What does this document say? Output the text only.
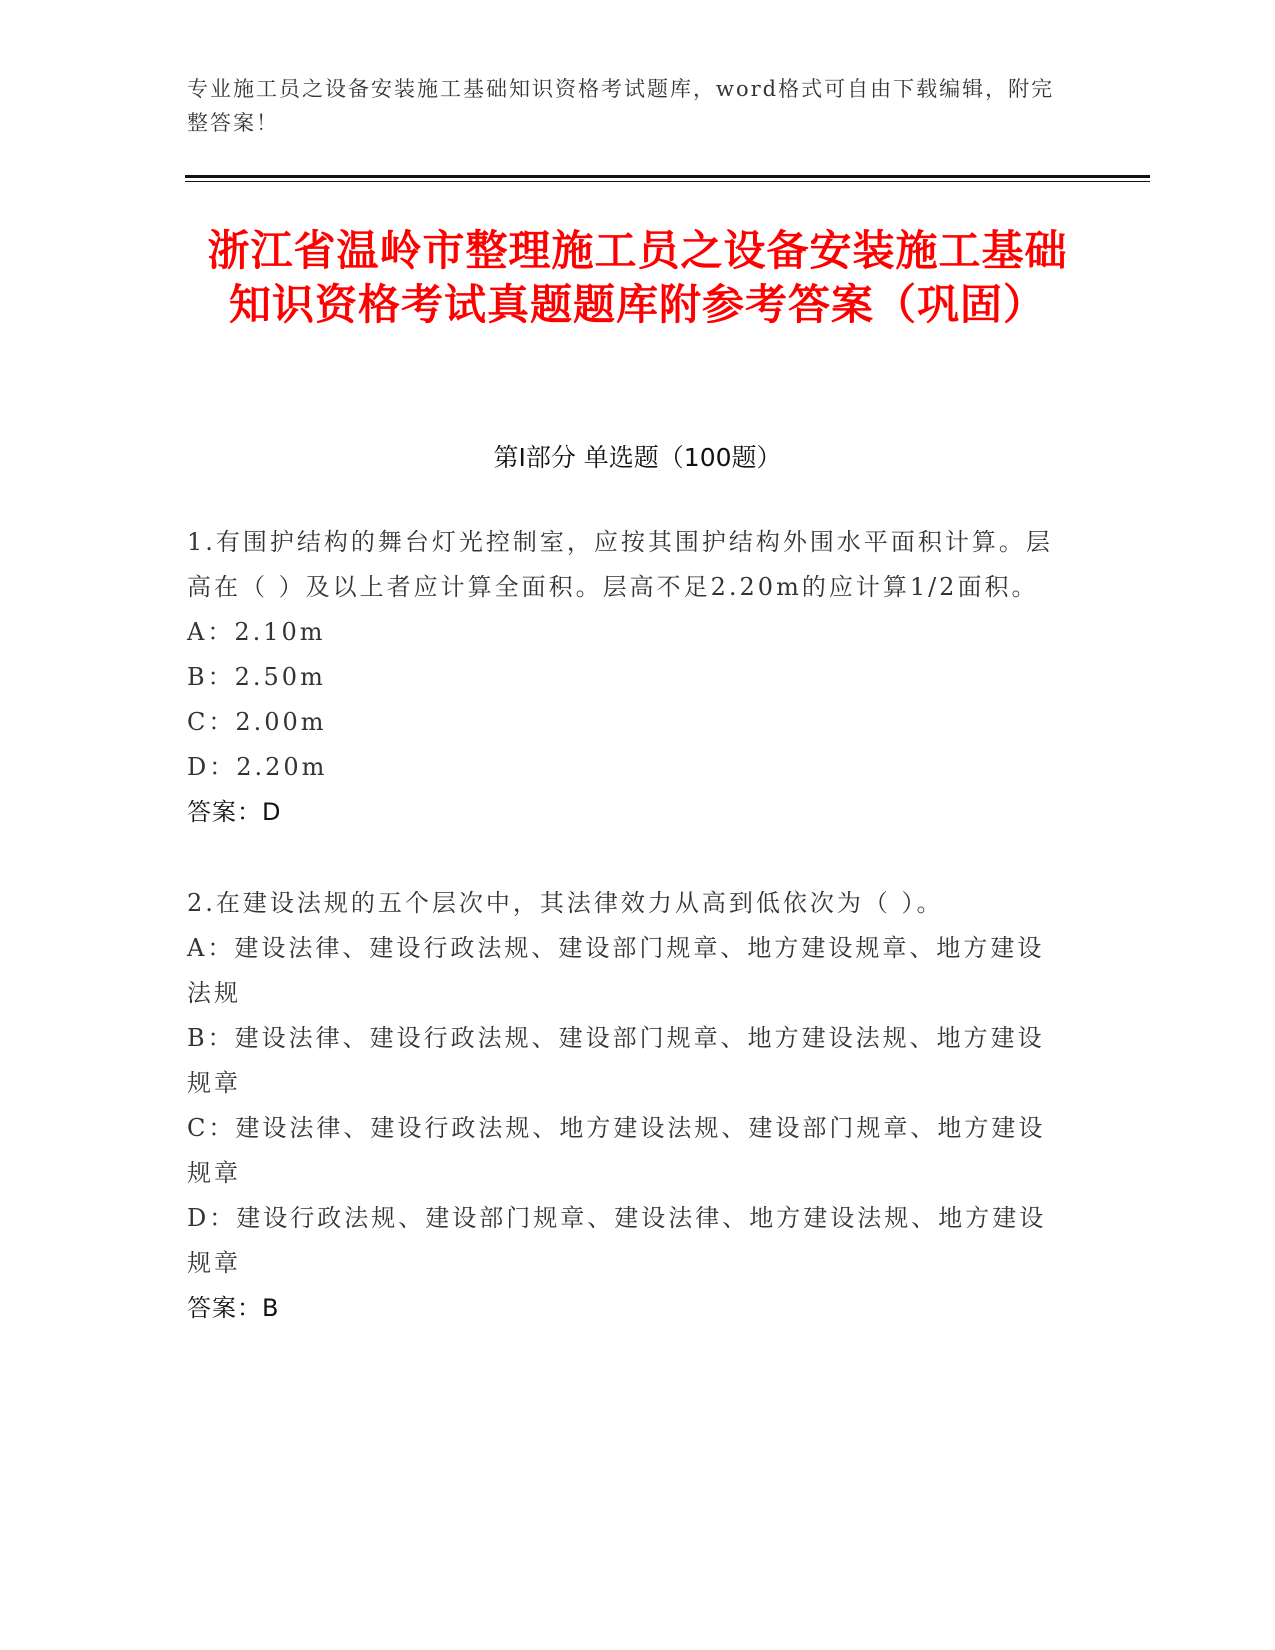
专业施工员之设备安装施工基础知识资格考试题库，word格式可自由下载编辑，附完整答案！
浙江省温岭市整理施工员之设备安装施工基础知识资格考试真题题库附参考答案（巩固）
第Ⅰ部分 单选题（100题）
1.有围护结构的舞台灯光控制室，应按其围护结构外围水平面积计算。层高在（ ）及以上者应计算全面积。层高不足2.20m的应计算1/2面积。
A：2.10m
B：2.50m
C：2.00m
D：2.20m
答案：D
2.在建设法规的五个层次中，其法律效力从高到低依次为（ ）。
A：建设法律、建设行政法规、建设部门规章、地方建设规章、地方建设法规
B：建设法律、建设行政法规、建设部门规章、地方建设法规、地方建设规章
C：建设法律、建设行政法规、地方建设法规、建设部门规章、地方建设规章
D：建设行政法规、建设部门规章、建设法律、地方建设法规、地方建设规章
答案：B
